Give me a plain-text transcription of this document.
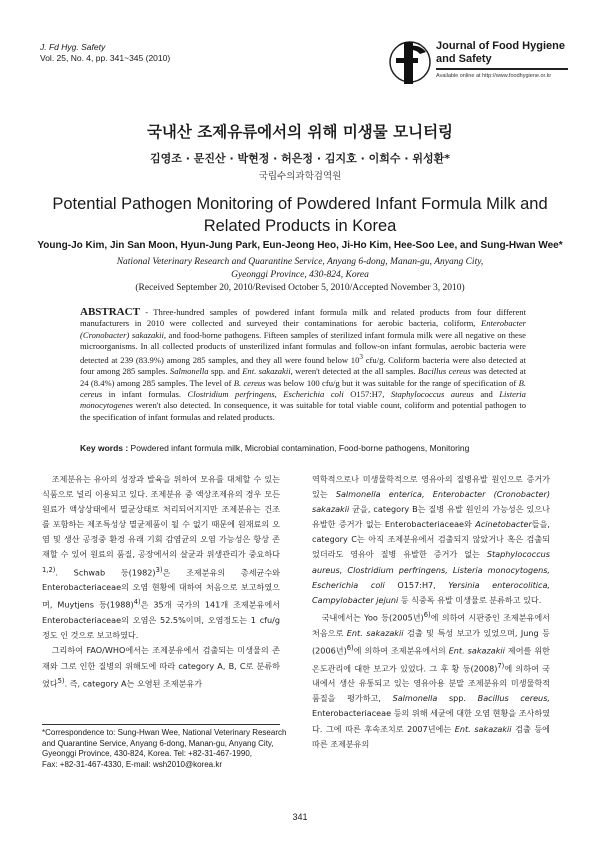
J. Fd Hyg. Safety
Vol. 25, No. 4, pp. 341~345 (2010)
Journal of Food Hygiene
and Safety
Available online at http://www.foodhygiene.or.kr
국내산 조제유류에서의 위해 미생물 모니터링
김영조 · 문진산 · 박현정 · 허은정 · 김지호 · 이희수 · 위성환*
국립수의과학검역원
Potential Pathogen Monitoring of Powdered Infant Formula Milk and
Related Products in Korea
Young-Jo Kim, Jin San Moon, Hyun-Jung Park, Eun-Jeong Heo, Ji-Ho Kim, Hee-Soo Lee, and Sung-Hwan Wee*
National Veterinary Research and Quarantine Service, Anyang 6-dong, Manan-gu, Anyang City,
Gyeonggi Province, 430-824, Korea
(Received September 20, 2010/Revised October 5, 2010/Accepted November 3, 2010)
ABSTRACT - Three-hundred samples of powdered infant formula milk and related products from four different manufacturers in 2010 were collected and surveyed their contaminations for aerobic bacteria, coliform, Enterobacter (Cronobacter) sakazakii, and food-borne pathogens. Fifteen samples of sterilized infant formula milk were all negative on these microorganisms. In all collected products of unsterilized infant formulas and follow-on infant formulas, aerobic bacteria were detected at 239 (83.9%) among 285 samples, and they all were found below $10^3$ cfu/g. Coliform bacteria were also detected at four among 285 samples. Salmonella spp. and Ent. sakazakii, weren't detected at the all samples. Bacillus cereus was detected at 24 (8.4%) among 285 samples. The level of B. cereus was below 100 cfu/g but it was suitable for the range of specification of B. cereus in infant formulas. Clostridium perfringens, Escherichia coli O157:H7, Staphylococcus aureus and Listeria monocytogenes weren't also detected. In consequence, it was suitable for total viable count, coliform and potential pathogen to the specification of infant formulas and related products.
Key words : Powdered infant formula milk, Microbial contamination, Food-borne pathogens, Monitoring

조제분유는 유아의 성장과 발육을 위하여 모유를 대체할 수 있는 식품으로 널리 이용되고 있다. 조제분유 중 액상조제유의 경우 모든 원료가 액상상태에서 멸균상태로 처리되어지지만 조제분유는 건조를 포함하는 제조특성상 멸균제품이 될 수 없기 때문에 원재료의 오염 및 생산 공정중 환경 유래 기회 감염균의 오염 가능성은 항상 존재할 수 있어 원료의 품질, 공장에서의 살균과 위생관리가 중요하다$^{1,2)}$. Schwab 등$(1982)^{3)}$은 조제분유의 총세균수와 Enterobacteriaceae의 오염 현황에 대하여 처음으로 보고하였으며, Muytjens 등$(1988)^{4)}$은 35개 국가의 141개 조제분유에서 Enterobacteriaceae의 오염은 52.5%이며, 오염정도는 1 cfu/g 정도 인 것으로 보고하였다.

그리하여 FAO/WHO에서는 조제분유에서 검출되는 미생물의 존재와 그로 인한 질병의 위해도에 따라 category A, B, C로 분류하였다$^{5)}$. 즉, category A는 오염된 조제분유가

역학적으로나 미생물학적으로 영유아의 질병유발 원인으로 증거가 있는 Salmonella enterica, Enterobacter (Cronobacter) sakazakii 균을, category B는 질병 유발 원인의 가능성은 있으나 유발한 증거가 없는 Enterobacteriaceae와 Acinetobacter들을, category C는 아직 조제분유에서 검출되지 않았거나 혹은 검출되었더라도 영유아 질병 유발한 증거가 없는 Staphylococcus aureus, Clostridium perfringens, Listeria monocytogens, Escherichia coli O157:H7, Yersinia enterocolitica, Campylobacter jejuni 등 식중독 유발 미생물로 분류하고 있다.

국내에서는 Yoo 등(2005년)$^{6)}$에 의하여 시판중인 조제분유에서 처음으로 Ent. sakazakii 검출 및 특성 보고가 있었으며, Jung 등(2006년)$^{6)}$에 의하여 조제분유에서의 Ent. sakazakii 제어를 위한 온도관리에 대한 보고가 있었다. 그 후 황 등$(2008)^{7)}$에 의하여 국내에서 생산 유통되고 있는 영유아용 분말 조제분유의 미생물학적 품질을 평가하고, Salmonella spp. Bacillus cereus, Enterobacteriaceae 등의 위해 세균에 대한 오염 현황을 조사하였다. 그에 따른 후속조치로 2007년에는 Ent. sakazakii 검출 등에 따른 조제분유의

*Correspondence to: Sung-Hwan Wee, National Veterinary Research
and Quarantine Service, Anyang 6-dong, Manan-gu, Anyang City,
Gyeonggi Province, 430-824, Korea. Tel: +82-31-467-1990,
Fax: +82-31-467-4330, E-mail: wsh2010@korea.kr
341
